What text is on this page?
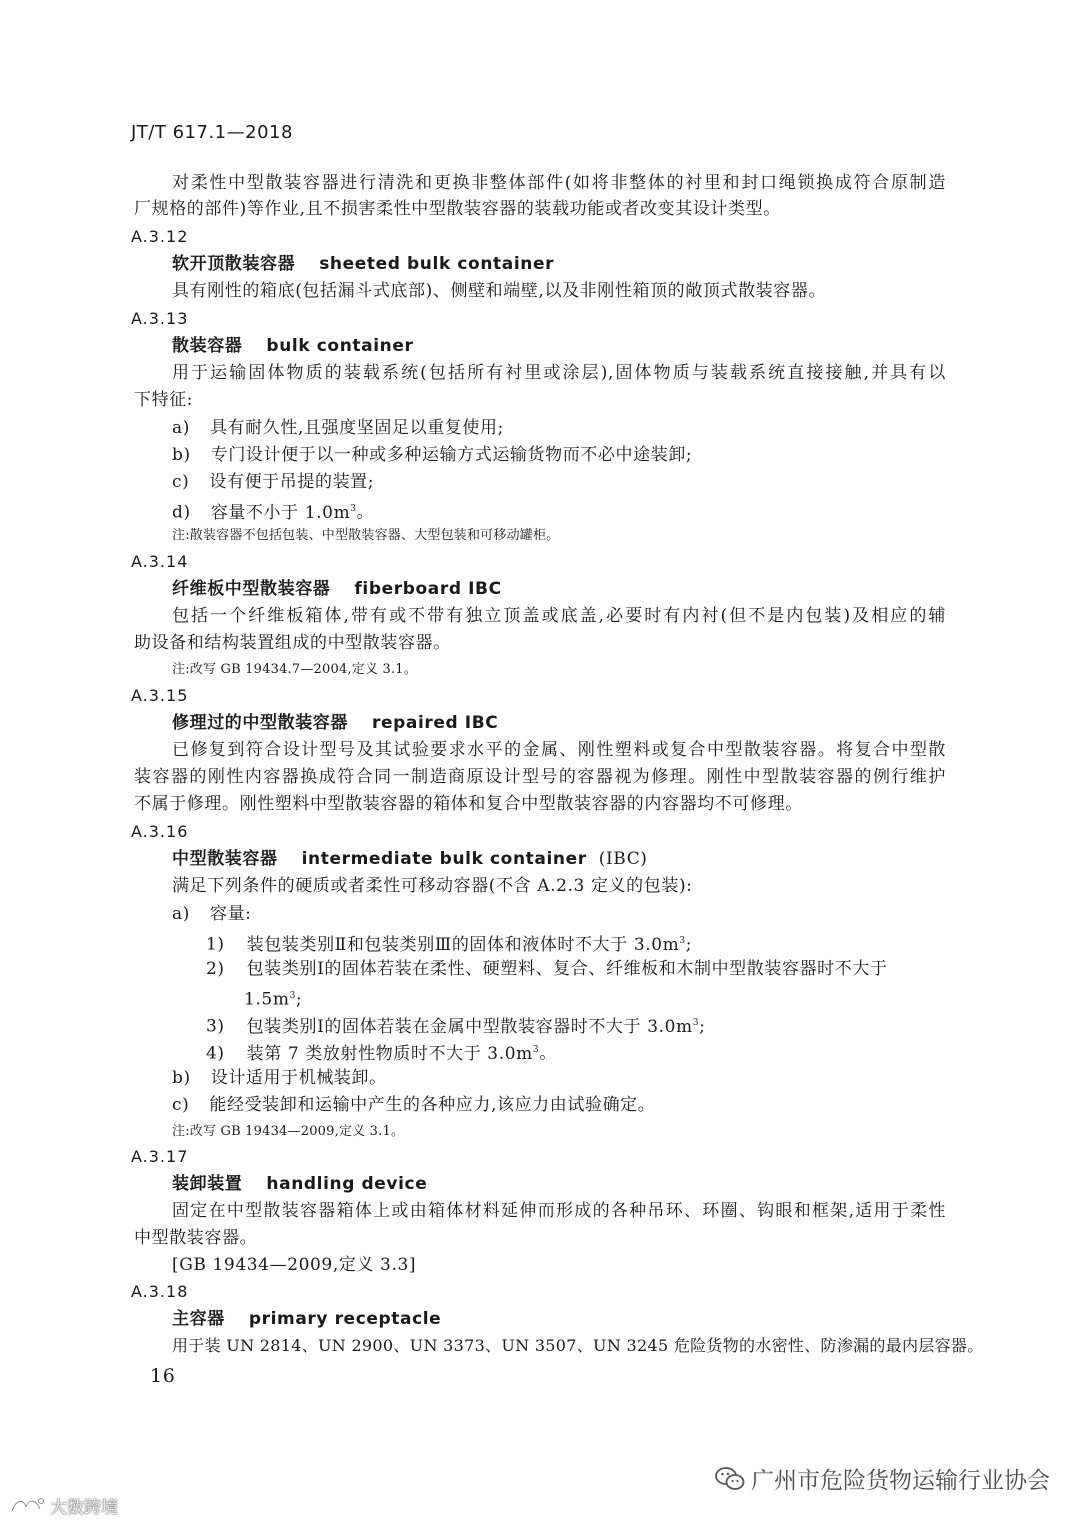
JT/T 617.1—2018
对柔性中型散装容器进行清洗和更换非整体部件(如将非整体的衬里和封口绳锁换成符合原制造
厂规格的部件)等作业,且不损害柔性中型散装容器的装载功能或者改变其设计类型。
A.3.12
软开顶散装容器 sheeted bulk container
具有刚性的箱底(包括漏斗式底部)、侧壁和端壁,以及非刚性箱顶的敞顶式散装容器。
A.3.13
散装容器 bulk container
用于运输固体物质的装载系统(包括所有衬里或涂层),固体物质与装载系统直接接触,并具有以
下特征:
a) 具有耐久性,且强度坚固足以重复使用;
b) 专门设计便于以一种或多种运输方式运输货物而不必中途装卸;
c) 设有便于吊提的装置;
d) 容量不小于 $1.0m^3$。
注:散装容器不包括包装、中型散装容器、大型包装和可移动罐柜。
A.3.14
纤维板中型散装容器 fiberboard IBC
包括一个纤维板箱体,带有或不带有独立顶盖或底盖,必要时有内衬(但不是内包装)及相应的辅
助设备和结构装置组成的中型散装容器。
注:改写 GB 19434.7—2004,定义 3.1。
A.3.15
修理过的中型散装容器 repaired IBC
已修复到符合设计型号及其试验要求水平的金属、刚性塑料或复合中型散装容器。将复合中型散
装容器的刚性内容器换成符合同一制造商原设计型号的容器视为修理。刚性中型散装容器的例行维护
不属于修理。刚性塑料中型散装容器的箱体和复合中型散装容器的内容器均不可修理。
A.3.16
中型散装容器 intermediate bulk container (IBC)
满足下列条件的硬质或者柔性可移动容器(不含 A.2.3 定义的包装):
a) 容量:
1) 装包装类别Ⅱ和包装类别Ⅲ的固体和液体时不大于 $3.0m^3$;
2) 包装类别Ⅰ的固体若装在柔性、硬塑料、复合、纤维板和木制中型散装容器时不大于
$1.5m^3$;
3) 包装类别Ⅰ的固体若装在金属中型散装容器时不大于 $3.0m^3$;
4) 装第 7 类放射性物质时不大于 $3.0m^3$。
b) 设计适用于机械装卸。
c) 能经受装卸和运输中产生的各种应力,该应力由试验确定。
注:改写 GB 19434—2009,定义 3.1。
A.3.17
装卸装置 handling device
固定在中型散装容器箱体上或由箱体材料延伸而形成的各种吊环、环圈、钩眼和框架,适用于柔性
中型散装容器。
[GB 19434—2009,定义 3.3]
A.3.18
主容器 primary receptacle
用于装 UN 2814、UN 2900、UN 3373、UN 3507、UN 3245 危险货物的水密性、防渗漏的最内层容器。
16
广州市危险货物运输行业协会
大数跨境
